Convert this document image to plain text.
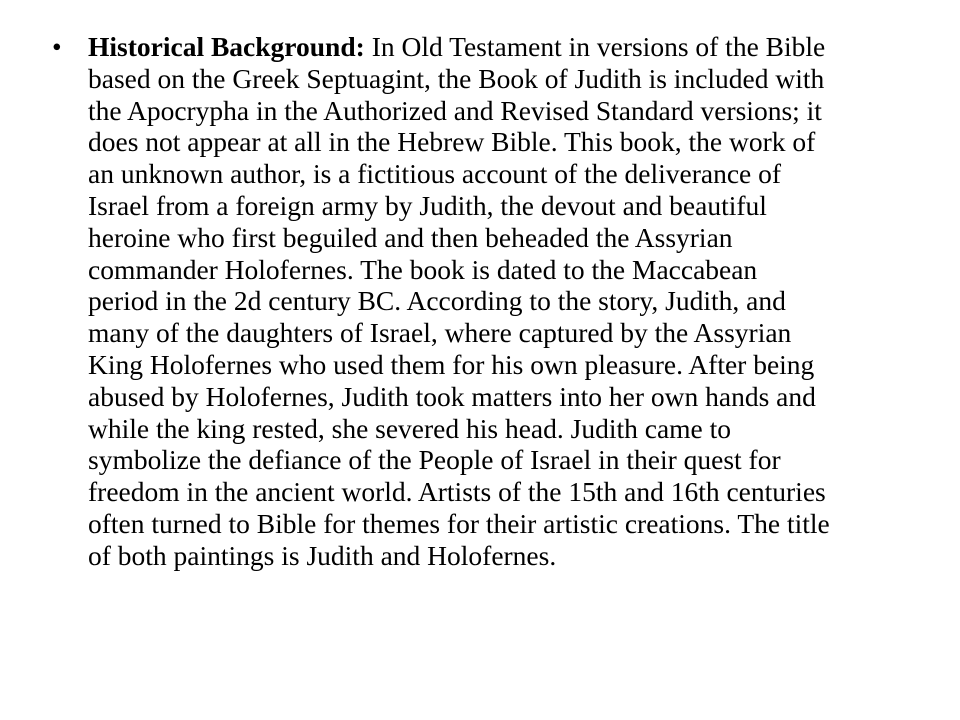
• Historical Background: In Old Testament in versions of the Bible
based on the Greek Septuagint, the Book of Judith is included with
the Apocrypha in the Authorized and Revised Standard versions; it
does not appear at all in the Hebrew Bible. This book, the work of
an unknown author, is a fictitious account of the deliverance of
Israel from a foreign army by Judith, the devout and beautiful
heroine who first beguiled and then beheaded the Assyrian
commander Holofernes. The book is dated to the Maccabean
period in the 2d century BC. According to the story, Judith, and
many of the daughters of Israel, where captured by the Assyrian
King Holofernes who used them for his own pleasure. After being
abused by Holofernes, Judith took matters into her own hands and
while the king rested, she severed his head. Judith came to
symbolize the defiance of the People of Israel in their quest for
freedom in the ancient world. Artists of the 15th and 16th centuries
often turned to Bible for themes for their artistic creations. The title
of both paintings is Judith and Holofernes.
